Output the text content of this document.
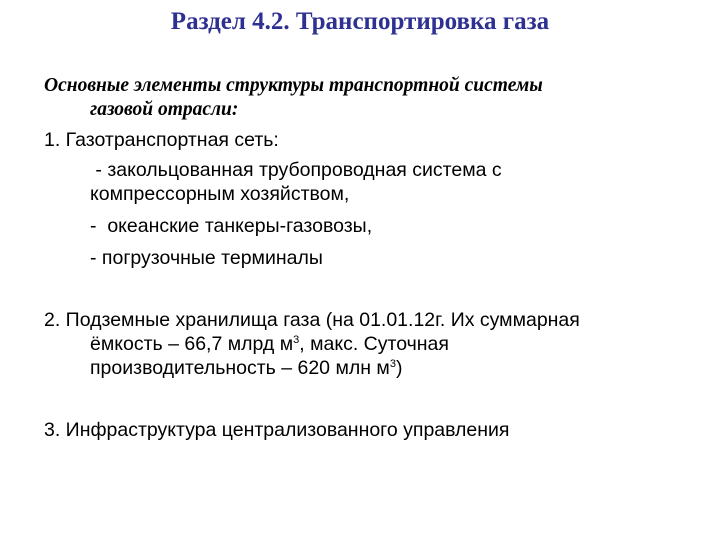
Раздел 4.2. Транспортировка газа

Основные элементы структуры транспортной системы
газовой отрасли:

1. Газотранспортная сеть:

- закольцованная трубопроводная система с
компрессорным хозяйством,

-  океанские танкеры-газовозы,

- погрузочные терминалы

2. Подземные хранилища газа (на 01.01.12г. Их суммарная
ёмкость – 66,7 млрд $м^3$, макс. Суточная
производительность – 620 млн $м^3$)

3. Инфраструктура централизованного управления
